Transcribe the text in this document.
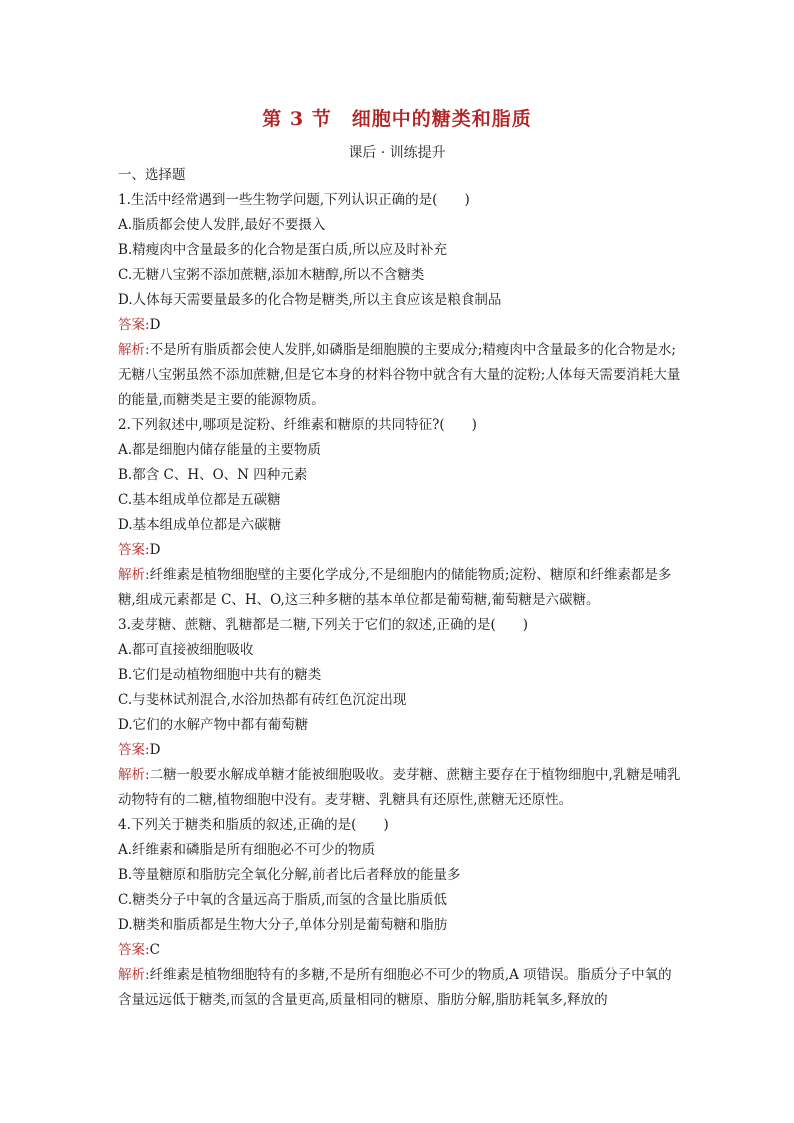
第 3 节　细胞中的糖类和脂质
课后 · 训练提升
一、选择题
1.生活中经常遇到一些生物学问题,下列认识正确的是(　　)
A.脂质都会使人发胖,最好不要摄入
B.精瘦肉中含量最多的化合物是蛋白质,所以应及时补充
C.无糖八宝粥不添加蔗糖,添加木糖醇,所以不含糖类
D.人体每天需要量最多的化合物是糖类,所以主食应该是粮食制品
答案:D
解析:不是所有脂质都会使人发胖,如磷脂是细胞膜的主要成分;精瘦肉中含量最多的化合物是水;无糖八宝粥虽然不添加蔗糖,但是它本身的材料谷物中就含有大量的淀粉;人体每天需要消耗大量的能量,而糖类是主要的能源物质。
2.下列叙述中,哪项是淀粉、纤维素和糖原的共同特征?(　　)
A.都是细胞内储存能量的主要物质
B.都含 C、H、O、N 四种元素
C.基本组成单位都是五碳糖
D.基本组成单位都是六碳糖
答案:D
解析:纤维素是植物细胞壁的主要化学成分,不是细胞内的储能物质;淀粉、糖原和纤维素都是多糖,组成元素都是 C、H、O,这三种多糖的基本单位都是葡萄糖,葡萄糖是六碳糖。
3.麦芽糖、蔗糖、乳糖都是二糖,下列关于它们的叙述,正确的是(　　)
A.都可直接被细胞吸收
B.它们是动植物细胞中共有的糖类
C.与斐林试剂混合,水浴加热都有砖红色沉淀出现
D.它们的水解产物中都有葡萄糖
答案:D
解析:二糖一般要水解成单糖才能被细胞吸收。麦芽糖、蔗糖主要存在于植物细胞中,乳糖是哺乳动物特有的二糖,植物细胞中没有。麦芽糖、乳糖具有还原性,蔗糖无还原性。
4.下列关于糖类和脂质的叙述,正确的是(　　)
A.纤维素和磷脂是所有细胞必不可少的物质
B.等量糖原和脂肪完全氧化分解,前者比后者释放的能量多
C.糖类分子中氧的含量远高于脂质,而氢的含量比脂质低
D.糖类和脂质都是生物大分子,单体分别是葡萄糖和脂肪
答案:C
解析:纤维素是植物细胞特有的多糖,不是所有细胞必不可少的物质,A 项错误。脂质分子中氧的含量远远低于糖类,而氢的含量更高,质量相同的糖原、脂肪分解,脂肪耗氧多,释放的
